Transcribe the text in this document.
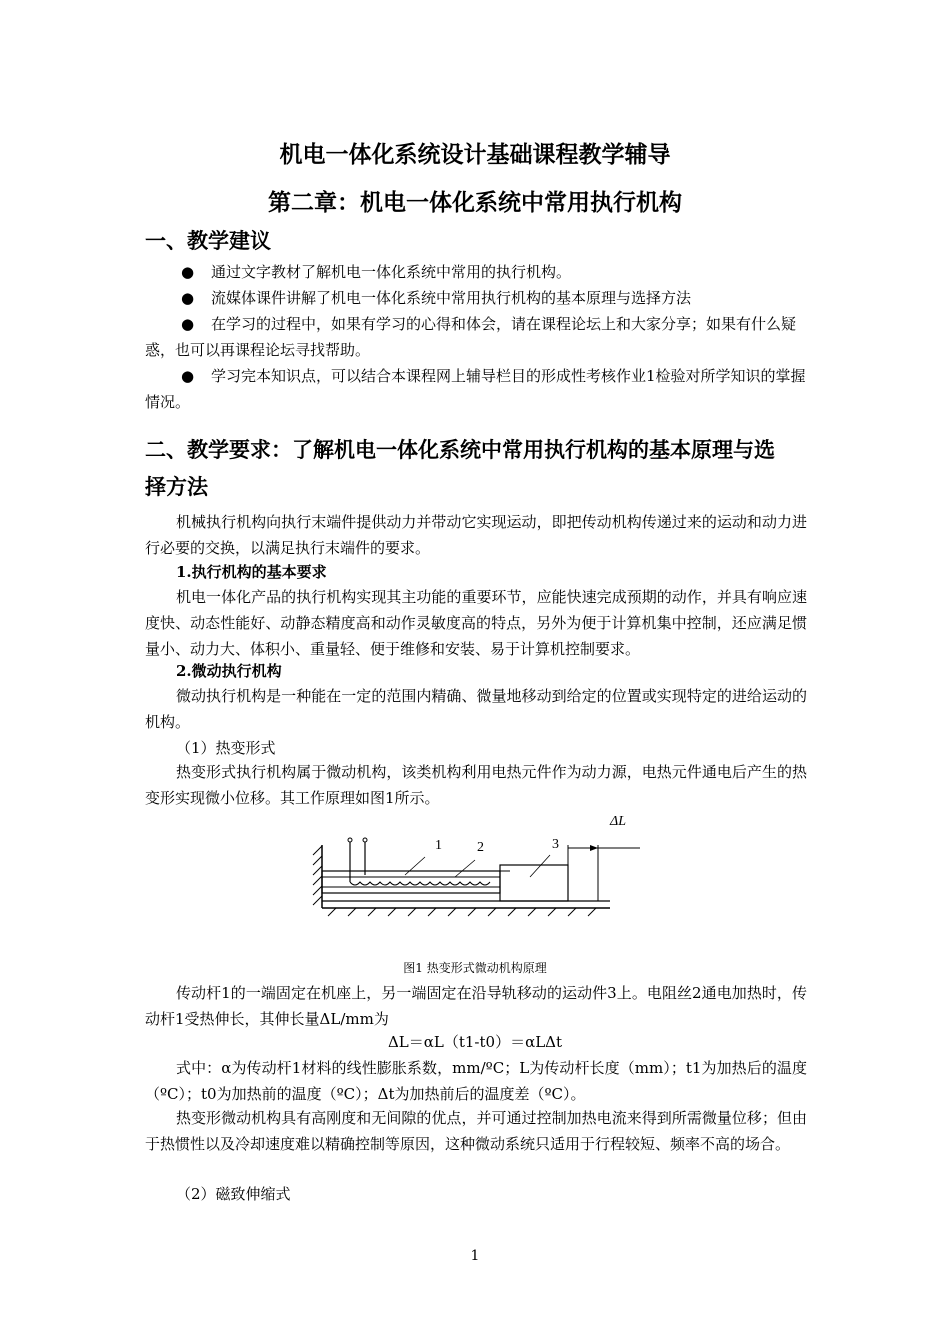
机电一体化系统设计基础课程教学辅导
第二章：机电一体化系统中常用执行机构
一、教学建议

● 通过文字教材了解机电一体化系统中常用的执行机构。

● 流媒体课件讲解了机电一体化系统中常用执行机构的基本原理与选择方法

● 在学习的过程中，如果有学习的心得和体会，请在课程论坛上和大家分享；如果有什么疑惑，也可以再课程论坛寻找帮助。

● 学习完本知识点，可以结合本课程网上辅导栏目的形成性考核作业1检验对所学知识的掌握情况。

二、教学要求：了解机电一体化系统中常用执行机构的基本原理与选
择方法

机械执行机构向执行末端件提供动力并带动它实现运动，即把传动机构传递过来的运动和动力进行必要的交换，以满足执行末端件的要求。

1.执行机构的基本要求

机电一体化产品的执行机构实现其主功能的重要环节，应能快速完成预期的动作，并具有响应速度快、动态性能好、动静态精度高和动作灵敏度高的特点，另外为便于计算机集中控制，还应满足惯量小、动力大、体积小、重量轻、便于维修和安装、易于计算机控制要求。

2.微动执行机构

微动执行机构是一种能在一定的范围内精确、微量地移动到给定的位置或实现特定的进给运动的机构。

（1）热变形式

热变形式执行机构属于微动机构，该类机构利用电热元件作为动力源，电热元件通电后产生的热变形实现微小位移。其工作原理如图1所示。

ΔL
1	2	3
图1 热变形式微动机构原理

传动杆1的一端固定在机座上，另一端固定在沿导轨移动的运动件3上。电阻丝2通电加热时，传动杆1受热伸长，其伸长量ΔL/mm为

ΔL＝αL（t1-t0）＝αLΔt

式中：α为传动杆1材料的线性膨胀系数，mm/ºC；L为传动杆长度（mm）；t1为加热后的温度（ºC）；t0为加热前的温度（ºC）；Δt为加热前后的温度差（ºC）。

热变形微动机构具有高刚度和无间隙的优点，并可通过控制加热电流来得到所需微量位移；但由于热惯性以及冷却速度难以精确控制等原因，这种微动系统只适用于行程较短、频率不高的场合。

（2）磁致伸缩式
1
